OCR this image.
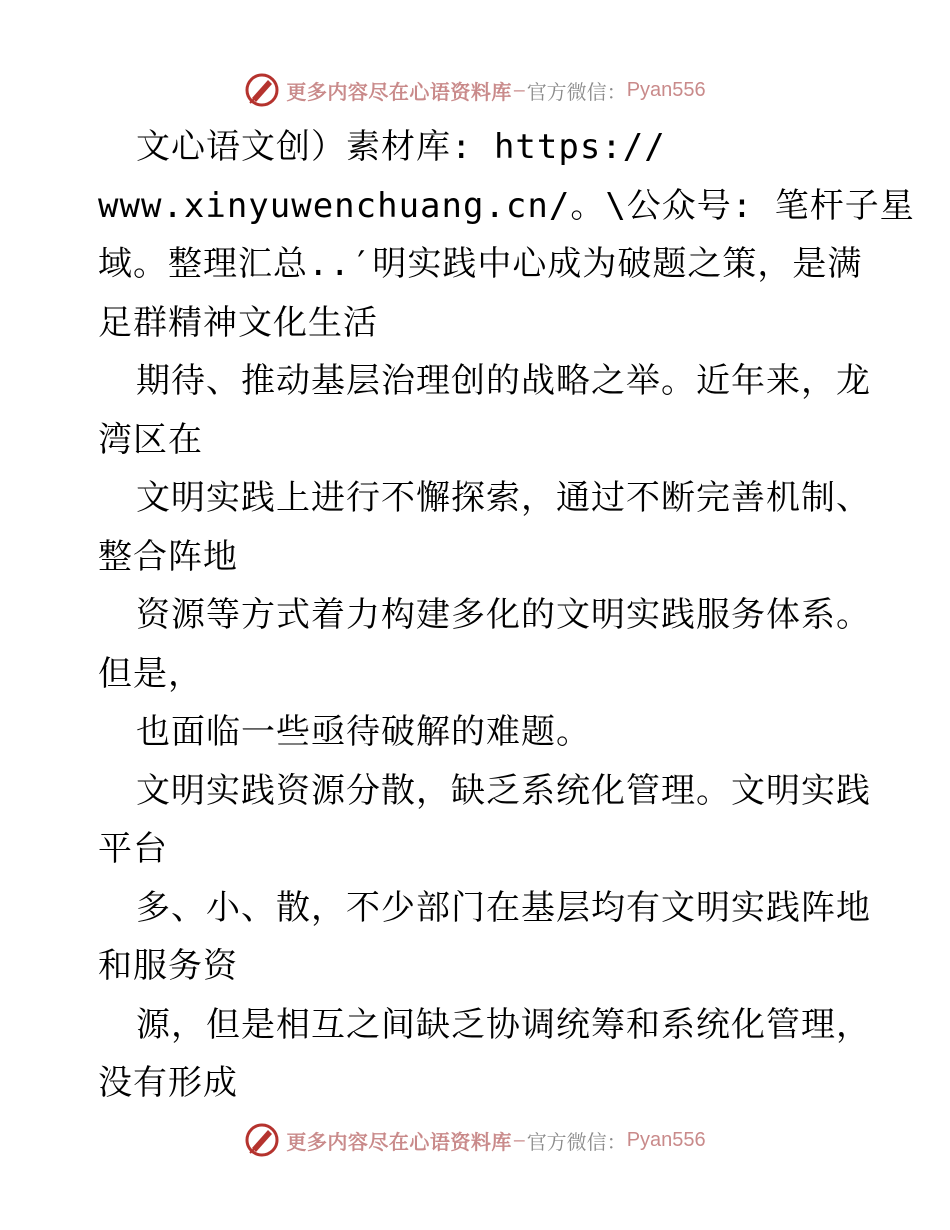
更多内容尽在心语资料库 — 官方微信： Pyan556
文心语文创）素材库: https://
www.xinyuwenchuang.cn/。\公众号: 笔杆子星
域。整理汇总..′明实践中心成为破题之策，是满
足群精神文化生活
期待、推动基层治理创的战略之举。近年来，龙
湾区在
文明实践上进行不懈探索，通过不断完善机制、
整合阵地
资源等方式着力构建多化的文明实践服务体系。
但是，
也面临一些亟待破解的难题。
文明实践资源分散，缺乏系统化管理。文明实践
平台
多、小、散，不少部门在基层均有文明实践阵地
和服务资
源，但是相互之间缺乏协调统筹和系统化管理，
没有形成
更多内容尽在心语资料库 — 官方微信： Pyan556
